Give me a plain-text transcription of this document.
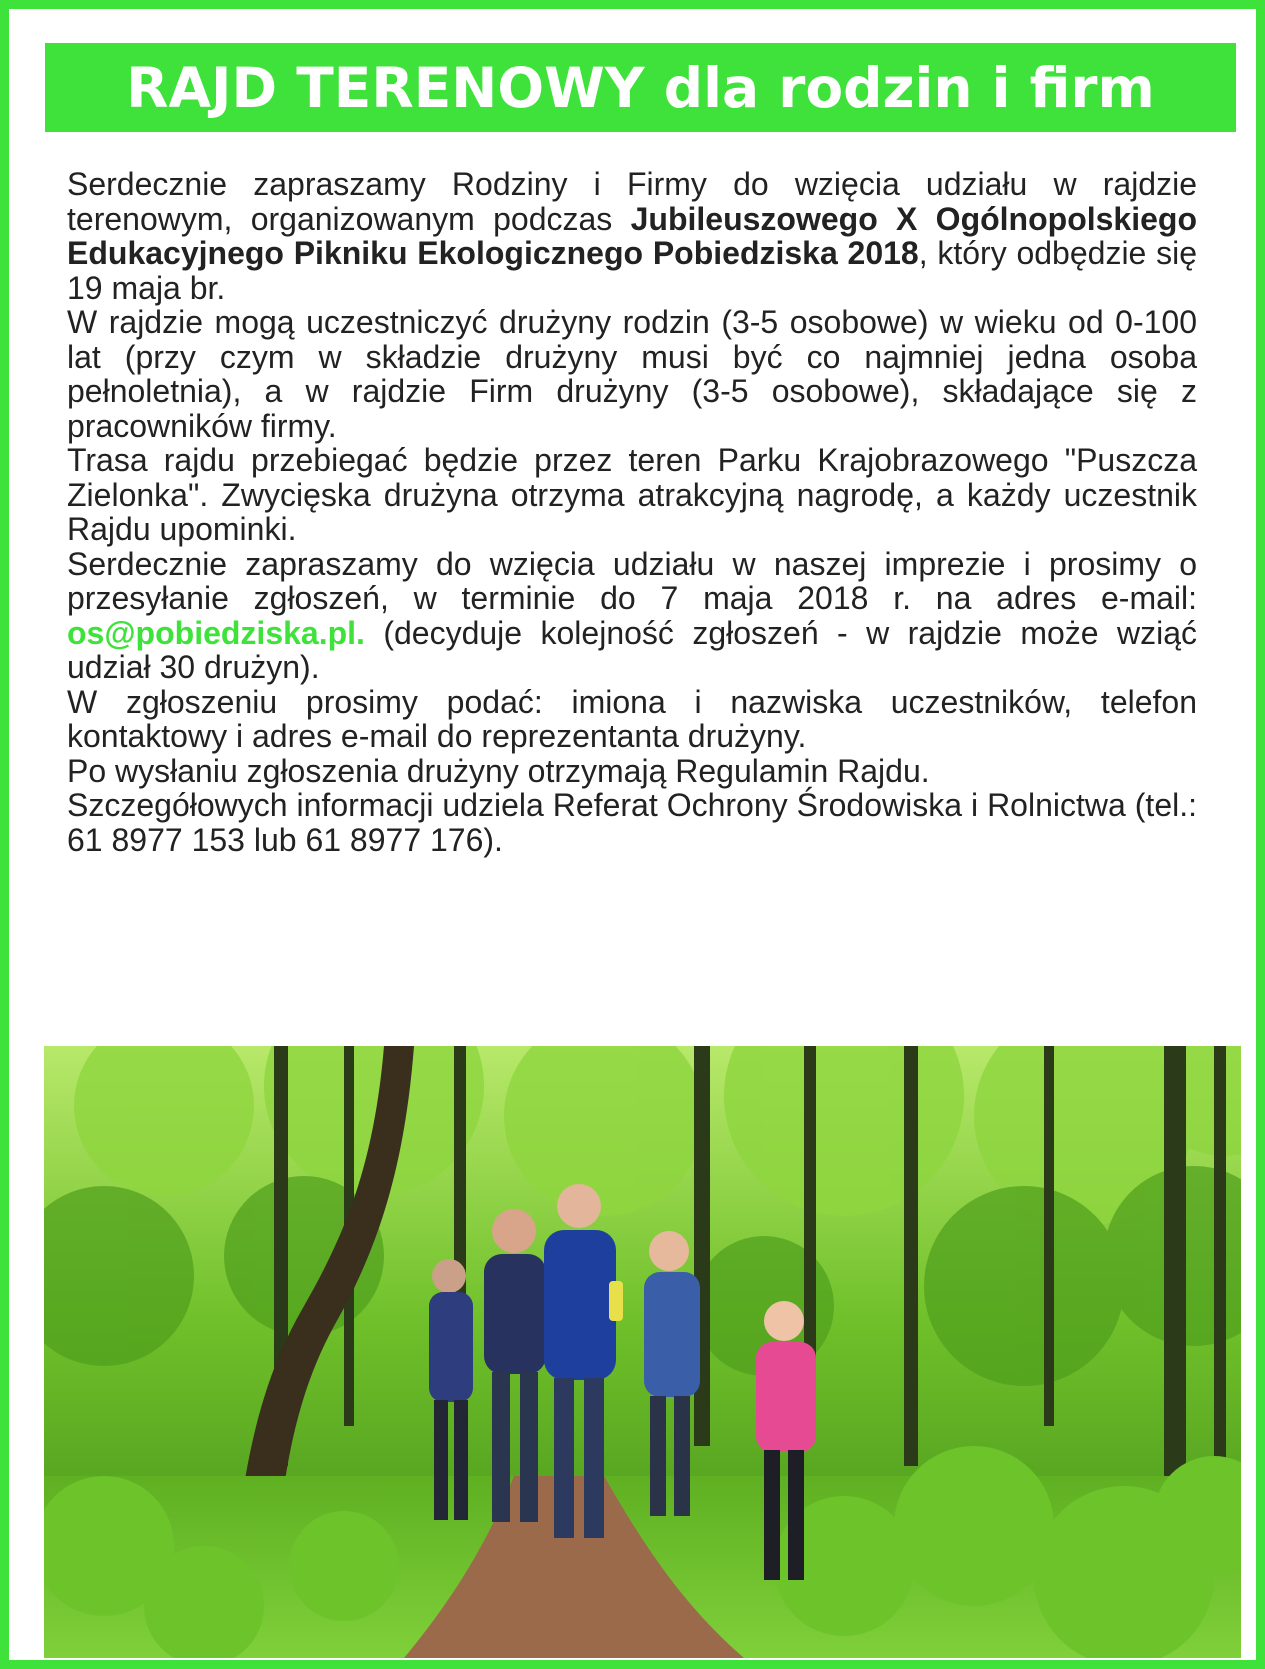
RAJD TERENOWY dla rodzin i firm

Serdecznie zapraszamy Rodziny i Firmy do wzięcia udziału w rajdzie terenowym, organizowanym podczas Jubileuszowego X Ogólnopolskiego Edukacyjnego Pikniku Ekologicznego Pobiedziska 2018, który odbędzie się 19 maja br.

W rajdzie mogą uczestniczyć drużyny rodzin (3-5 osobowe) w wieku od 0-100 lat (przy czym w składzie drużyny musi być co najmniej jedna osoba pełnoletnia), a w rajdzie Firm drużyny (3-5 osobowe), składające się z pracowników firmy.

Trasa rajdu przebiegać będzie przez teren Parku Krajobrazowego "Puszcza Zielonka". Zwycięska drużyna otrzyma atrakcyjną nagrodę, a każdy uczestnik Rajdu upominki.

Serdecznie zapraszamy do wzięcia udziału w naszej imprezie i prosimy o przesyłanie zgłoszeń, w terminie do 7 maja 2018 r. na adres e-mail: os@pobiedziska.pl. (decyduje kolejność zgłoszeń - w rajdzie może wziąć udział 30 drużyn).

W zgłoszeniu prosimy podać: imiona i nazwiska uczestników, telefon kontaktowy i adres e-mail do reprezentanta drużyny.

Po wysłaniu zgłoszenia drużyny otrzymają Regulamin Rajdu.

Szczegółowych informacji udziela Referat Ochrony Środowiska i Rolnictwa (tel.: 61 8977 153 lub 61 8977 176).
